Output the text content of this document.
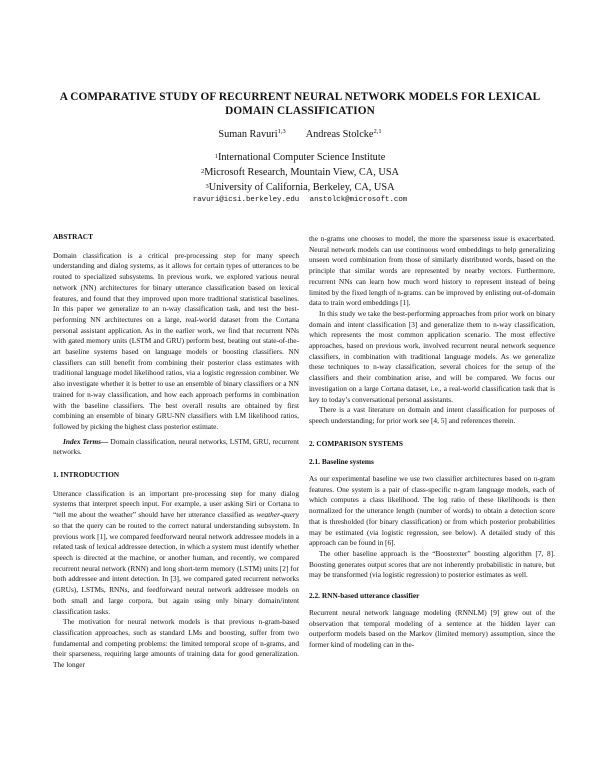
A COMPARATIVE STUDY OF RECURRENT NEURAL NETWORK MODELS FOR LEXICAL DOMAIN CLASSIFICATION
Suman Ravuri$^{1,3}$ Andreas Stolcke$^{2,1}$
$^1$International Computer Science Institute
$^2$Microsoft Research, Mountain View, CA, USA
$^3$University of California, Berkeley, CA, USA
ravuri@icsi.berkeley.edu anstolck@microsoft.com

ABSTRACT

Domain classification is a critical pre-processing step for many speech understanding and dialog systems, as it allows for certain types of utterances to be routed to specialized subsystems. In previous work, we explored various neural network (NN) architectures for binary utterance classification based on lexical features, and found that they improved upon more traditional statistical baselines. In this paper we generalize to an n-way classification task, and test the best-performing NN architectures on a large, real-world dataset from the Cortana personal assistant application. As in the earlier work, we find that recurrent NNs with gated memory units (LSTM and GRU) perform best, beating out state-of-the-art baseline systems based on language models or boosting classifiers. NN classifiers can still benefit from combining their posterior class estimates with traditional language model likelihood ratios, via a logistic regression combiner. We also investigate whether it is better to use an ensemble of binary classifiers or a NN trained for n-way classification, and how each approach performs in combination with the baseline classifiers. The best overall results are obtained by first combining an ensemble of binary GRU-NN classifiers with LM likelihood ratios, followed by picking the highest class posterior estimate.

Index Terms— Domain classification, neural networks, LSTM, GRU, recurrent networks.

1. INTRODUCTION

Utterance classification is an important pre-processing step for many dialog systems that interpret speech input. For example, a user asking Siri or Cortana to “tell me about the weather” should have her utterance classified as weather-query so that the query can be routed to the correct natural understanding subsystem. In previous work [1], we compared feedforward neural network addressee models in a related task of lexical addressee detection, in which a system must identify whether speech is directed at the machine, or another human, and recently, we compared recurrent neural network (RNN) and long short-term memory (LSTM) units [2] for both addressee and intent detection. In [3], we compared gated recurrent networks (GRUs), LSTMs, RNNs, and feedforward neural network addressee models on both small and large corpora, but again using only binary domain/intent classification tasks.

The motivation for neural network models is that previous n-gram-based classification approaches, such as standard LMs and boosting, suffer from two fundamental and competing problems: the limited temporal scope of n-grams, and their sparseness, requiring large amounts of training data for good generalization. The longer

the n-grams one chooses to model, the more the sparseness issue is exacerbated. Neural network models can use continuous word embeddings to help generalizing unseen word combination from those of similarly distributed words, based on the principle that similar words are represented by nearby vectors. Furthermore, recurrent NNs can learn how much word history to represent instead of being limited by the fixed length of n-grams. can be improved by enlisting out-of-domain data to train word embeddings [1].

In this study we take the best-performing approaches from prior work on binary domain and intent classification [3] and generalize them to n-way classification, which represents the most common application scenario. The most effective approaches, based on previous work, involved recurrent neural network sequence classifiers, in combination with traditional language models. As we generalize these techniques to n-way classification, several choices for the setup of the classifiers and their combination arise, and will be compared. We focus our investigation on a large Cortana dataset, i.e., a real-world classification task that is key to today’s conversational personal assistants.

There is a vast literature on domain and intent classification for purposes of speech understanding; for prior work see [4, 5] and references therein.

2. COMPARISON SYSTEMS

2.1. Baseline systems

As our experimental baseline we use two classifier architectures based on n-gram features. One system is a pair of class-specific n-gram language models, each of which computes a class likelihood. The log ratio of these likelihoods is then normalized for the utterance length (number of words) to obtain a detection score that is thresholded (for binary classification) or from which posterior probabilities may be estimated (via logistic regression, see below). A detailed study of this approach can be found in [6].

The other baseline approach is the “Boostexter” boosting algorithm [7, 8]. Boosting generates output scores that are not inherently probabilistic in nature, but may be transformed (via logistic regression) to posterior estimates as well.

2.2. RNN-based utterance classifier

Recurrent neural network language modeling (RNNLM) [9] grew out of the observation that temporal modeling of a sentence at the hidden layer can outperform models based on the Markov (limited memory) assumption, since the former kind of modeling can in the-
